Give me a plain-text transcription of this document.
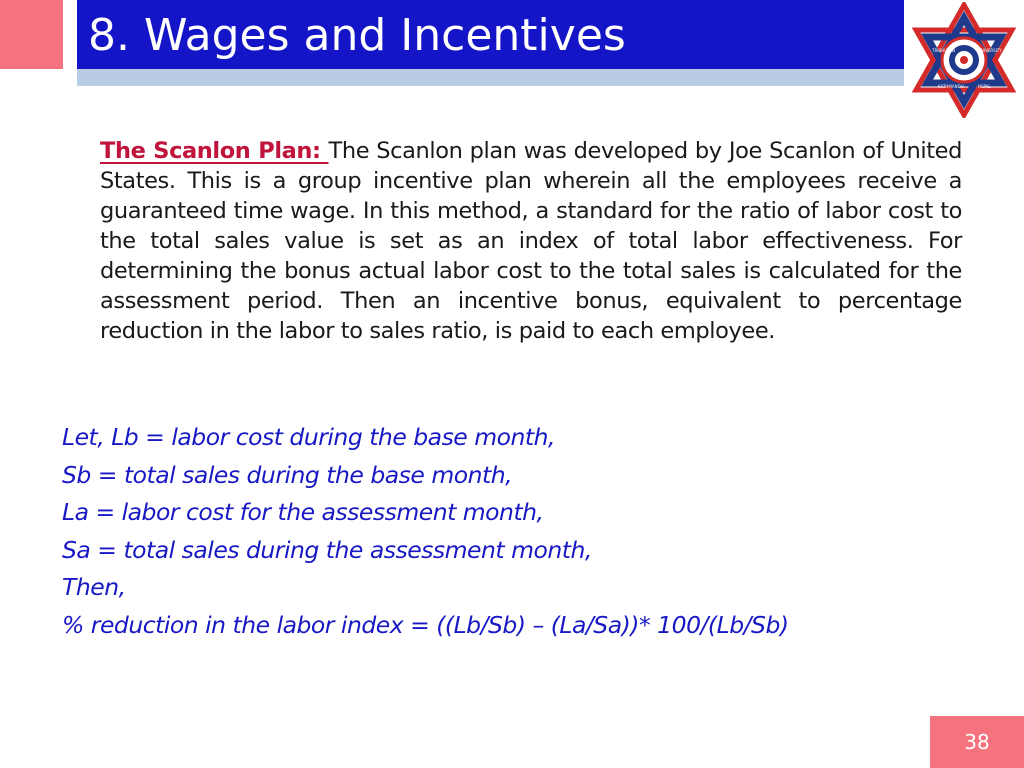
8. Wages and Incentives	TRIBHUVAN	UNIVERSITY
KATHMANDU	NEPAL

The Scanlon Plan: The Scanlon plan was developed by Joe Scanlon of United States. This is a group incentive plan wherein all the employees receive a guaranteed time wage. In this method, a standard for the ratio of labor cost to the total sales value is set as an index of total labor effectiveness. For determining the bonus actual labor cost to the total sales is calculated for the assessment period. Then an incentive bonus, equivalent to percentage reduction in the labor to sales ratio, is paid to each employee.

Let, Lb = labor cost during the base month,
Sb = total sales during the base month,
La = labor cost for the assessment month,
Sa = total sales during the assessment month,
Then,
% reduction in the labor index = ((Lb/Sb) – (La/Sa))* 100/(Lb/Sb)
38
